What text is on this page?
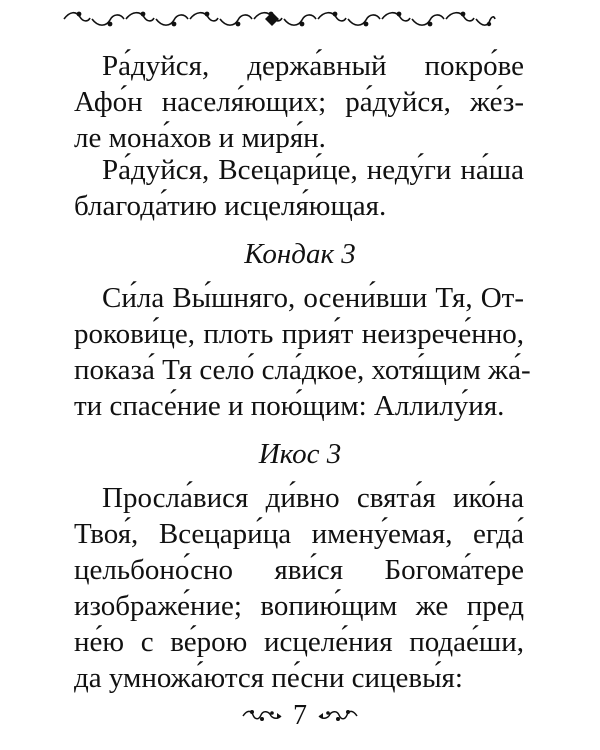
Ра́дуйся, держа́вный покро́ве
Афо́н населя́ющих; ра́дуйся, же́з-
ле мона́хов и миря́н.
Ра́дуйся, Всецари́це, неду́ги на́ша
благода́тию исцеля́ющая.
Кондак 3
Си́ла Вы́шняго, осени́вши Тя, От-
рокови́це, плоть прия́т неизрече́нно,
показа́ Тя село́ сла́дкое, хотя́щим жа́-
ти спасе́ние и пою́щим: Аллилу́ия.
Икос 3
Просла́вися ди́вно свята́я ико́на
Твоя́, Всецари́ца имену́емая, егда́
цельбоно́сно яви́ся Богома́тере
изображе́ние; вопию́щим же пред
не́ю с ве́рою исцеле́ния подае́ши,
да умножа́ются пе́сни сицевы́я:
7
